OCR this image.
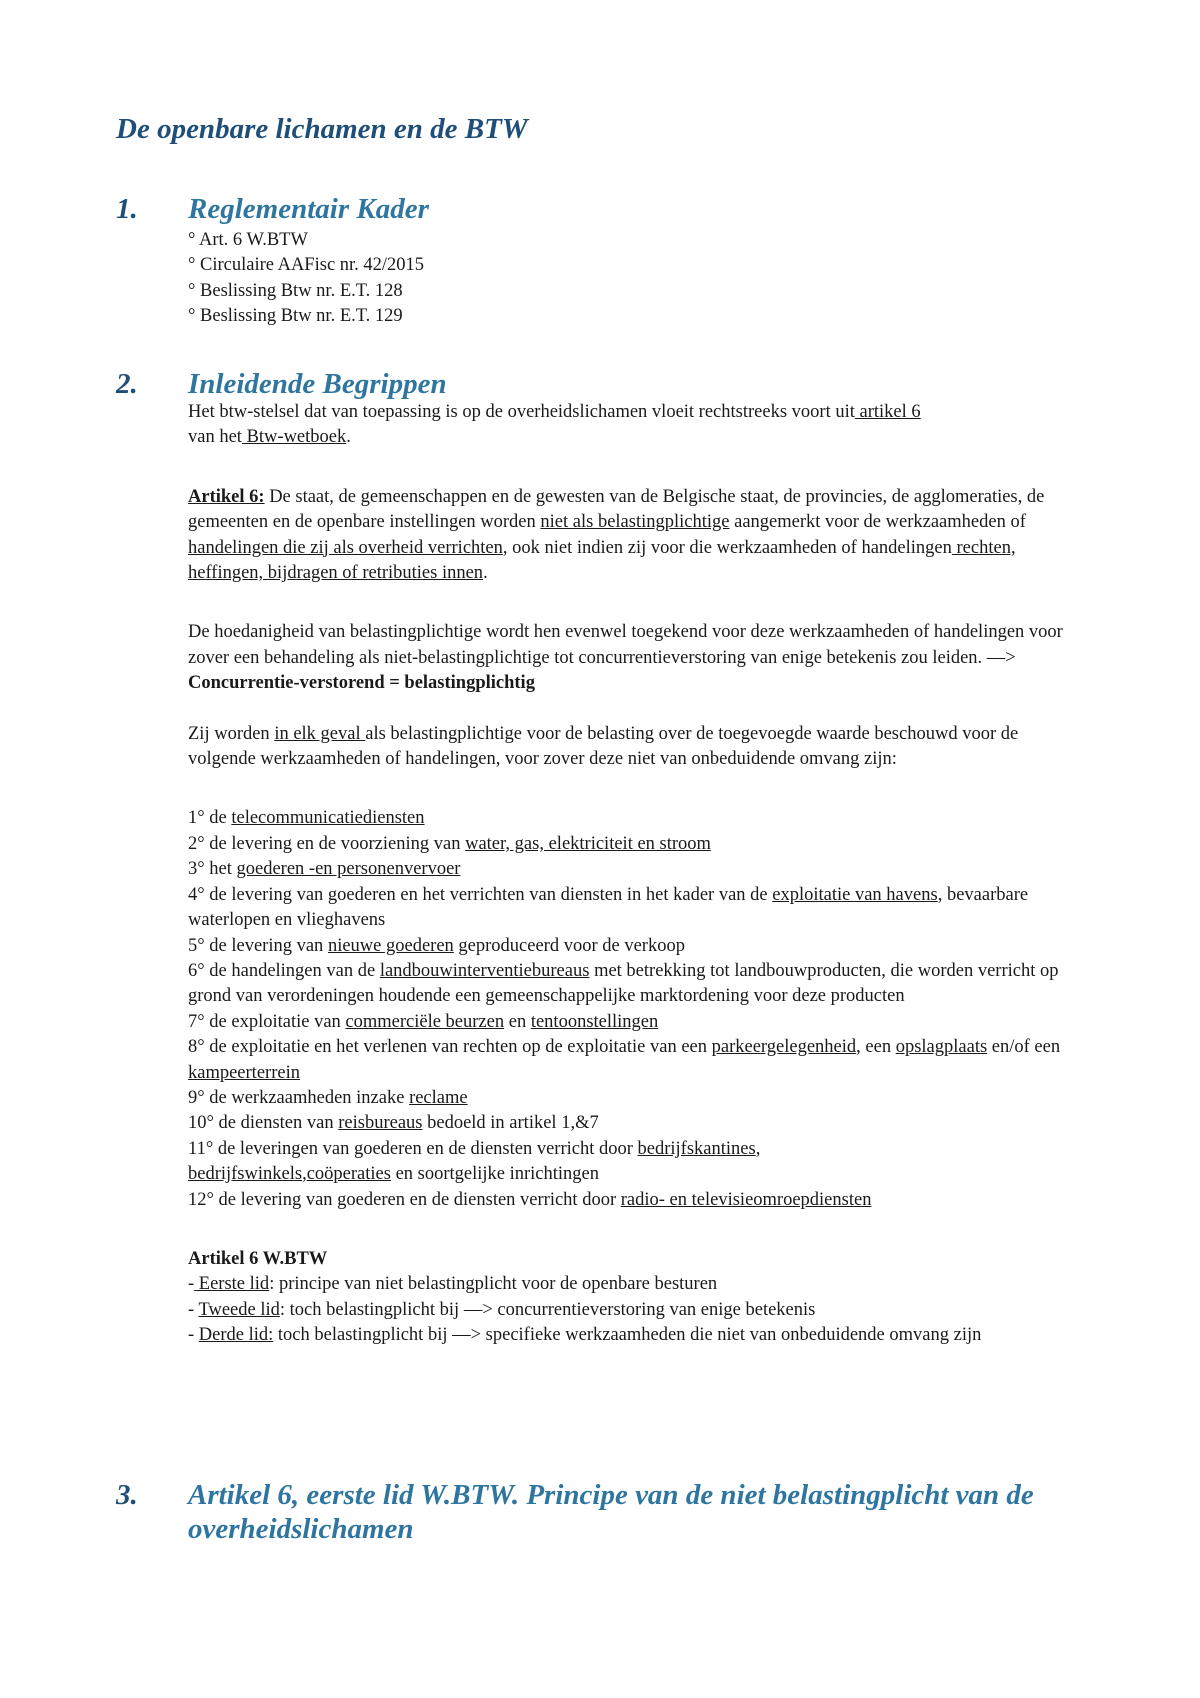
De openbare lichamen en de BTW
1. Reglementair Kader

° Art. 6 W.BTW

° Circulaire AAFisc nr. 42/2015

° Beslissing Btw nr. E.T. 128

° Beslissing Btw nr. E.T. 129

2. Inleidende Begrippen

Het btw-stelsel dat van toepassing is op de overheidslichamen vloeit rechtstreeks voort uit artikel 6
van het Btw-wetboek.

Artikel 6: De staat, de gemeenschappen en de gewesten van de Belgische staat, de provincies, de agglomeraties, de gemeenten en de openbare instellingen worden niet als belastingplichtige aangemerkt voor de werkzaamheden of handelingen die zij als overheid verrichten, ook niet indien zij voor die werkzaamheden of handelingen rechten, heffingen, bijdragen of retributies innen.

De hoedanigheid van belastingplichtige wordt hen evenwel toegekend voor deze werkzaamheden of handelingen voor zover een behandeling als niet-belastingplichtige tot concurrentieverstoring van enige betekenis zou leiden. —> Concurrentie-verstorend = belastingplichtig

Zij worden in elk geval als belastingplichtige voor de belasting over de toegevoegde waarde beschouwd voor de volgende werkzaamheden of handelingen, voor zover deze niet van onbeduidende omvang zijn:

1° de telecommunicatiediensten

2° de levering en de voorziening van water, gas, elektriciteit en stroom

3° het goederen -en personenvervoer

4° de levering van goederen en het verrichten van diensten in het kader van de exploitatie van havens, bevaarbare waterlopen en vlieghavens

5° de levering van nieuwe goederen geproduceerd voor de verkoop

6° de handelingen van de landbouwinterventiebureaus met betrekking tot landbouwproducten, die worden verricht op grond van verordeningen houdende een gemeenschappelijke marktordening voor deze producten

7° de exploitatie van commerciële beurzen en tentoonstellingen

8° de exploitatie en het verlenen van rechten op de exploitatie van een parkeergelegenheid, een opslagplaats en/of een kampeerterrein

9° de werkzaamheden inzake reclame

10° de diensten van reisbureaus bedoeld in artikel 1,&7

11° de leveringen van goederen en de diensten verricht door bedrijfskantines,
bedrijfswinkels,coöperaties en soortgelijke inrichtingen

12° de levering van goederen en de diensten verricht door radio- en televisieomroepdiensten

Artikel 6 W.BTW

- Eerste lid: principe van niet belastingplicht voor de openbare besturen

- Tweede lid: toch belastingplicht bij —> concurrentieverstoring van enige betekenis

- Derde lid: toch belastingplicht bij —> specifieke werkzaamheden die niet van onbeduidende omvang zijn

3. Artikel 6, eerste lid W.BTW. Principe van de niet belastingplicht van de overheidslichamen
